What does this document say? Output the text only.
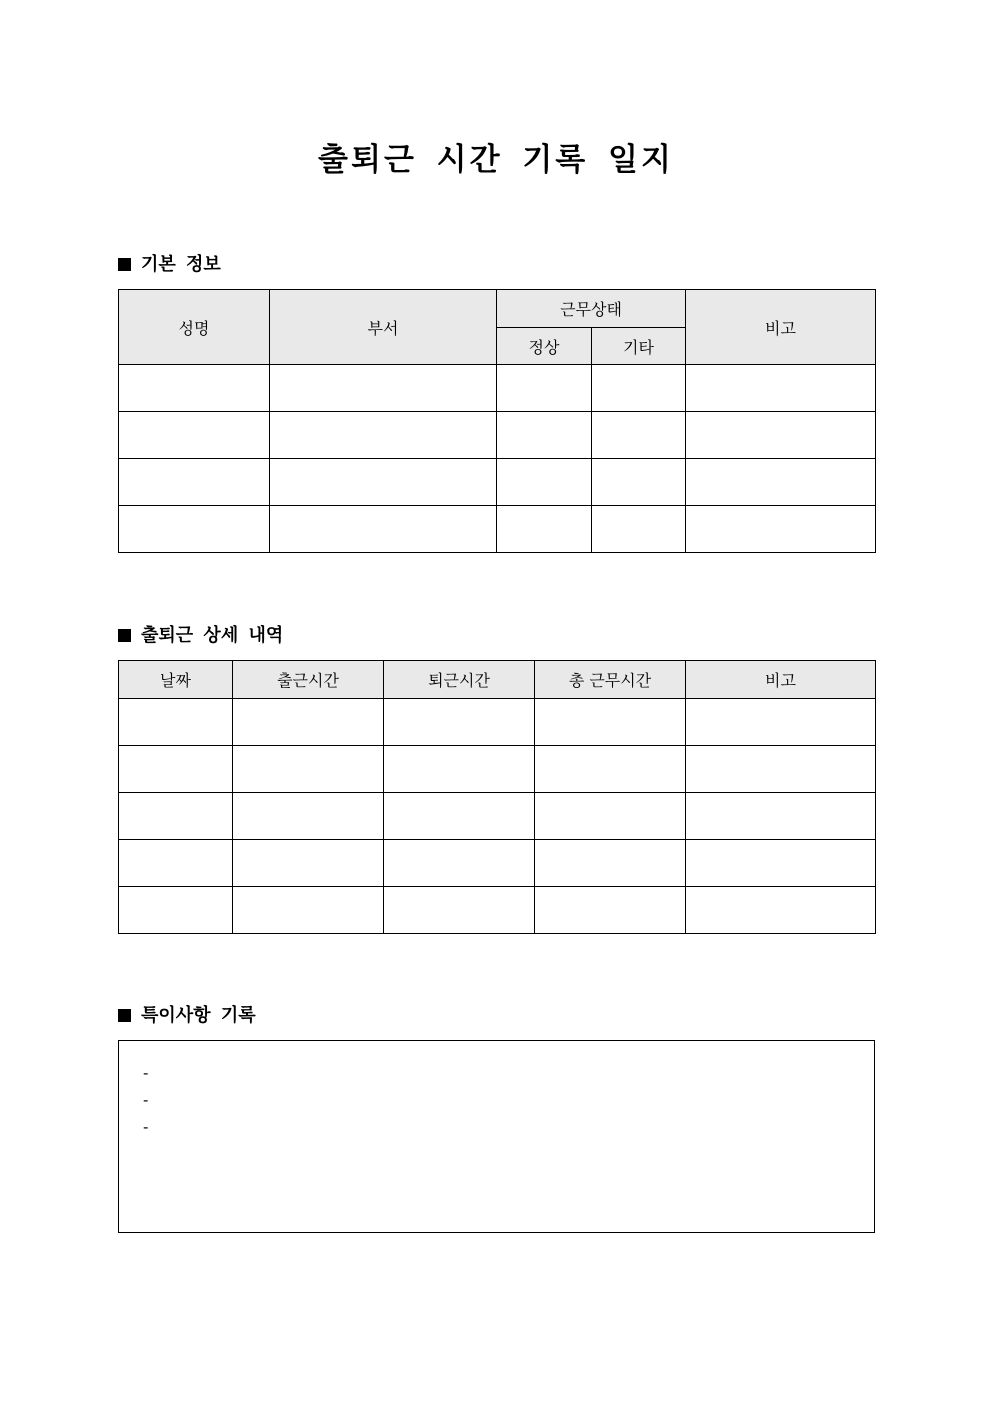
출퇴근 시간 기록 일지
기본 정보
성명	부서	근무상태		비고
		정상	기타	

출퇴근 상세 내역
날짜	출근시간	퇴근시간	총 근무시간	비고

특이사항 기록
-
-
-
